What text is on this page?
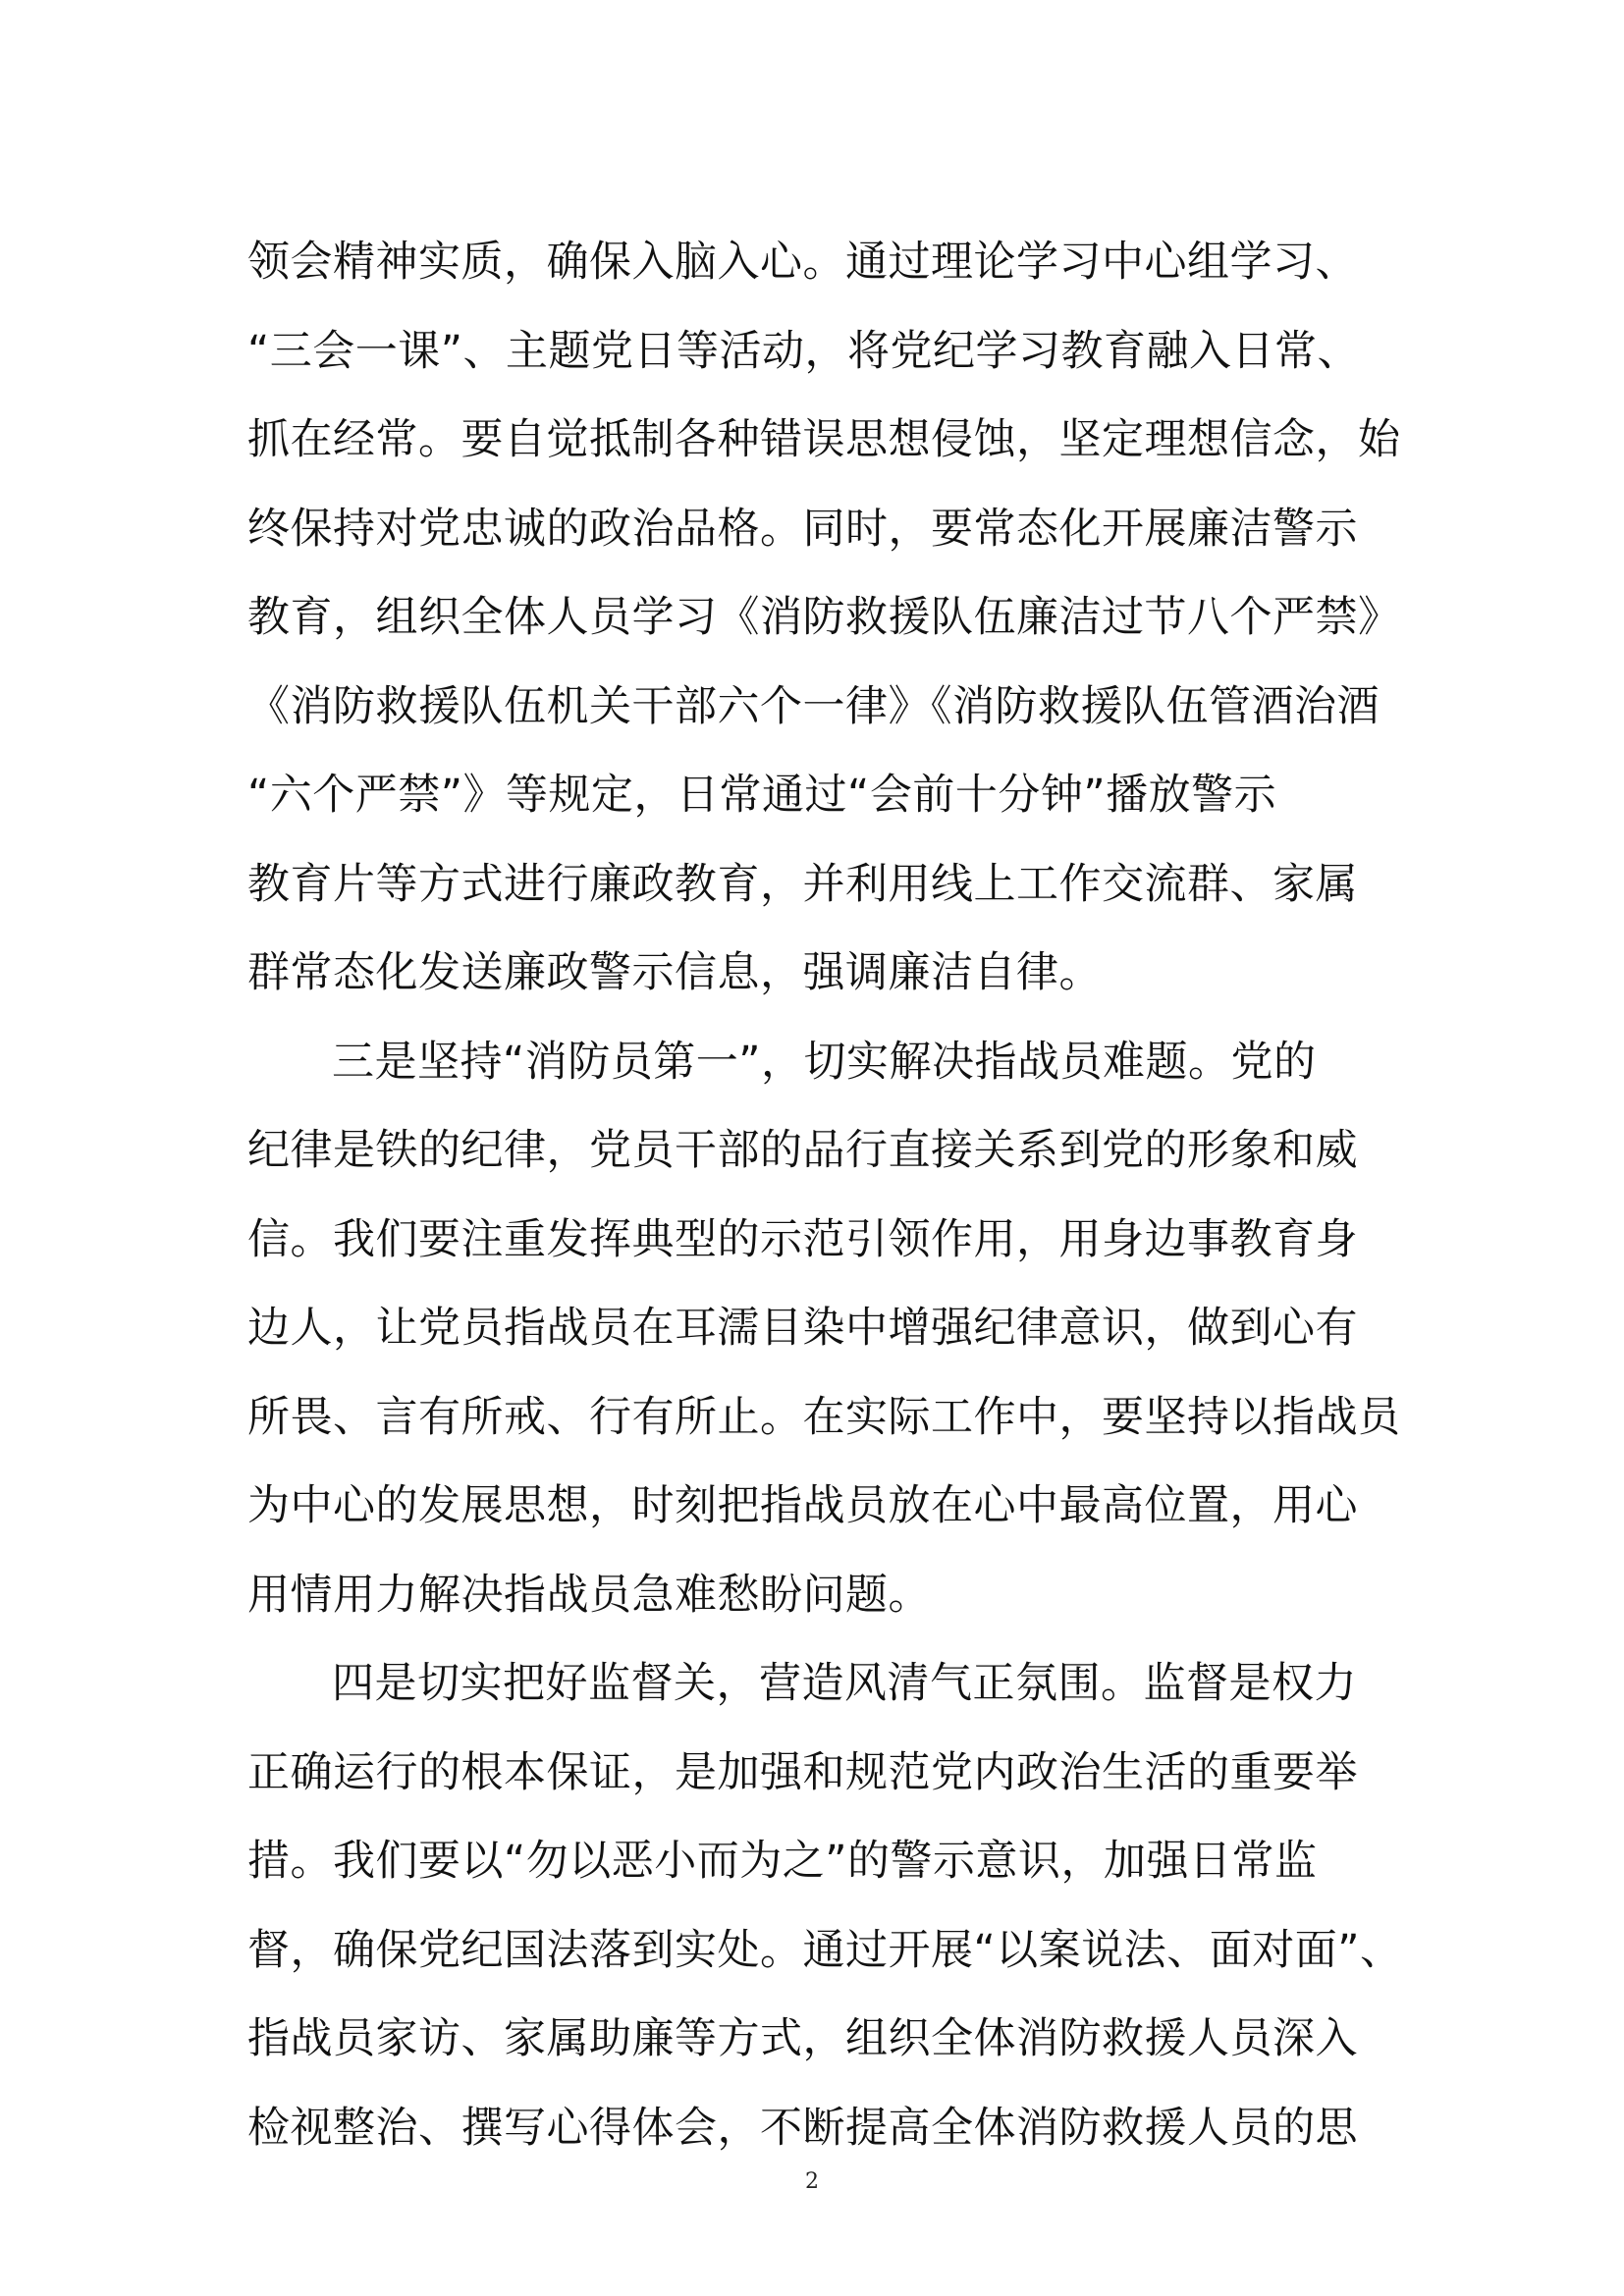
领会精神实质，确保入脑入心。通过理论学习中心组学习、
“三会一课”、主题党日等活动，将党纪学习教育融入日常、
抓在经常。要自觉抵制各种错误思想侵蚀，坚定理想信念，始
终保持对党忠诚的政治品格。同时，要常态化开展廉洁警示
教育，组织全体人员学习《消防救援队伍廉洁过节八个严禁》
《消防救援队伍机关干部六个一律》《消防救援队伍管酒治酒
“六个严禁”》等规定，日常通过“会前十分钟”播放警示
教育片等方式进行廉政教育，并利用线上工作交流群、家属
群常态化发送廉政警示信息，强调廉洁自律。
三是坚持“消防员第一”，切实解决指战员难题。党的
纪律是铁的纪律，党员干部的品行直接关系到党的形象和威
信。我们要注重发挥典型的示范引领作用，用身边事教育身
边人，让党员指战员在耳濡目染中增强纪律意识，做到心有
所畏、言有所戒、行有所止。在实际工作中，要坚持以指战员
为中心的发展思想，时刻把指战员放在心中最高位置，用心
用情用力解决指战员急难愁盼问题。
四是切实把好监督关，营造风清气正氛围。监督是权力
正确运行的根本保证，是加强和规范党内政治生活的重要举
措。我们要以“勿以恶小而为之”的警示意识，加强日常监
督，确保党纪国法落到实处。通过开展“以案说法、面对面”、
指战员家访、家属助廉等方式，组织全体消防救援人员深入
检视整治、撰写心得体会，不断提高全体消防救援人员的思
2
